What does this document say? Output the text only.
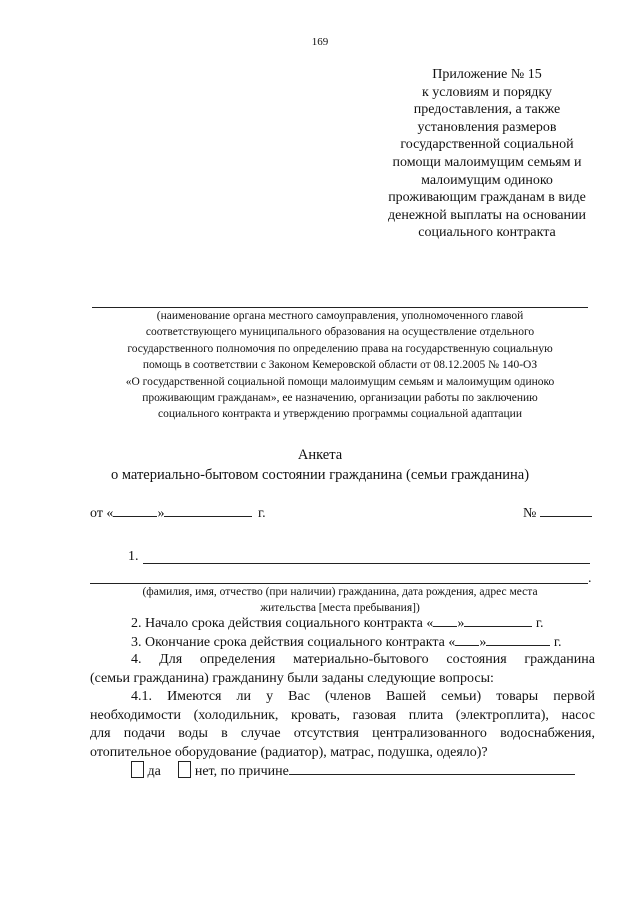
169
Приложение № 15
к условиям и порядку
предоставления, а также
установления размеров
государственной социальной
помощи малоимущим семьям и
малоимущим одиноко
проживающим гражданам в виде
денежной выплаты на основании
социального контракта
(наименование органа местного самоуправления, уполномоченного главой
соответствующего муниципального образования на осуществление отдельного
государственного полномочия по определению права на государственную социальную
помощь в соответствии с Законом Кемеровской области от 08.12.2005 № 140-ОЗ
«О государственной социальной помощи малоимущим семьям и малоимущим одиноко
проживающим гражданам», ее назначению, организации работы по заключению
социального контракта и утверждению программы социальной адаптации
Анкета
о материально-бытовом состоянии гражданина (семьи гражданина)
от «	»	г.	№
1.
.
(фамилия, имя, отчество (при наличии) гражданина, дата рождения, адрес места
жительства [места пребывания])
2. Начало срока действия социального контракта « »	г.
3. Окончание срока действия социального контракта « »	г.
4. Для определения материально-бытового состояния гражданина
(семьи гражданина) гражданину были заданы следующие вопросы:
4.1. Имеются ли у Вас (членов Вашей семьи) товары первой
необходимости (холодильник, кровать, газовая плита (электроплита), насос
для подачи воды в случае отсутствия централизованного водоснабжения,
отопительное оборудование (радиатор), матрас, подушка, одеяло)?
да нет, по причине
